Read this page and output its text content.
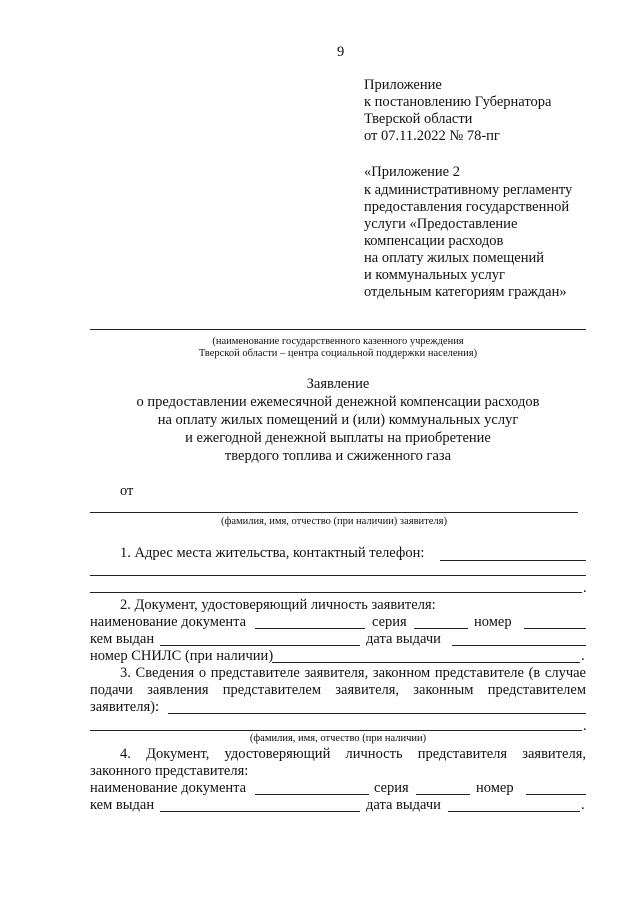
9
Приложение
к постановлению Губернатора
Тверской области
от 07.11.2022 № 78-пг
«Приложение 2
к административному регламенту
предоставления государственной
услуги «Предоставление
компенсации расходов
на оплату жилых помещений
и коммунальных услуг
отдельным категориям граждан»
(наименование государственного казенного учреждения
Тверской области – центра социальной поддержки населения)
Заявление
о предоставлении ежемесячной денежной компенсации расходов
на оплату жилых помещений и (или) коммунальных услуг
и ежегодной денежной выплаты на приобретение
твердого топлива и сжиженного газа
от
(фамилия, имя, отчество (при наличии) заявителя)
1. Адрес места жительства, контактный телефон:
.
2. Документ, удостоверяющий личность заявителя:
наименование документа	серия	номер
кем выдан	дата выдачи
номер СНИЛС (при наличии)	.
3. Сведения о представителе заявителя, законном представителе (в случае
подачи заявления представителем заявителя, законным представителем
заявителя):
.
(фамилия, имя, отчество (при наличии)
4. Документ, удостоверяющий личность представителя заявителя,
законного представителя:
наименование документа	серия	номер
кем выдан	дата выдачи	.
